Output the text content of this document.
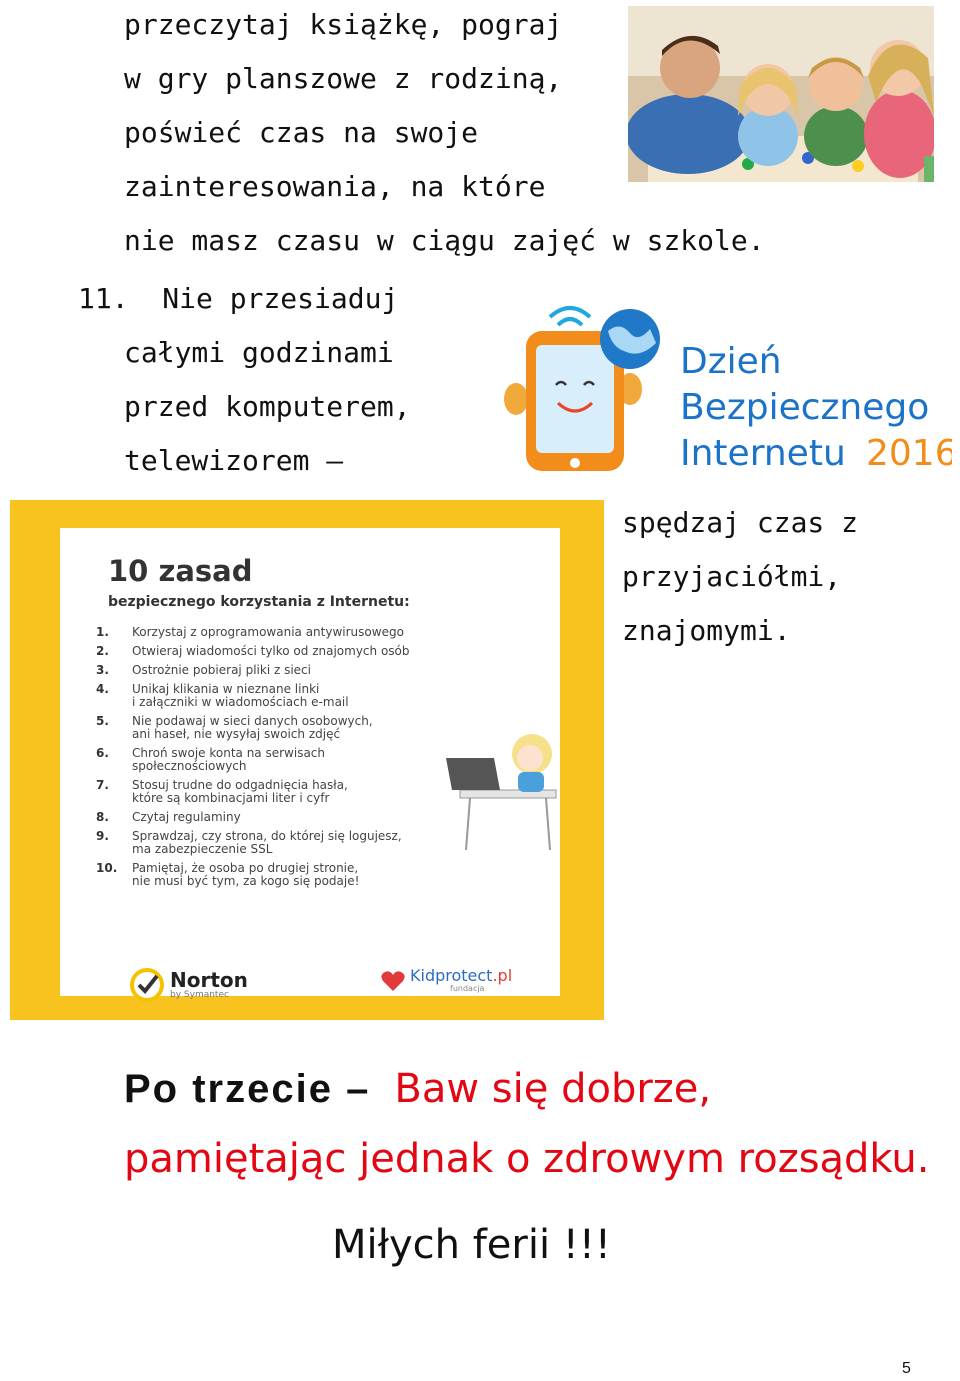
przeczytaj książkę, pograj
w gry planszowe z rodziną,
poświeć czas na swoje
zainteresowania, na które
nie masz czasu w ciągu zajęć w szkole.
11. Nie przesiaduj
całymi godzinami
przed komputerem,
telewizorem –
Dzień
Bezpiecznego
Internetu 2016
10 zasad
bezpiecznego korzystania z Internetu:
1.	Korzystaj z oprogramowania antywirusowego
2.	Otwieraj wiadomości tylko od znajomych osób
3.	Ostrożnie pobieraj pliki z sieci
4.	Unikaj klikania w nieznane linki
i załączniki w wiadomościach e-mail
5.	Nie podawaj w sieci danych osobowych,
ani haseł, nie wysyłaj swoich zdjęć
6.	Chroń swoje konta na serwisach
społecznościowych
7.	Stosuj trudne do odgadnięcia hasła,
które są kombinacjami liter i cyfr
8.	Czytaj regulaminy
9.	Sprawdzaj, czy strona, do której się logujesz,
ma zabezpieczenie SSL
10.	Pamiętaj, że osoba po drugiej stronie,
nie musi być tym, za kogo się podaje!
Norton
by Symantec
Kidprotect.pl
fundacja
spędzaj czas z
przyjaciółmi,
znajomymi.
Po trzecie – Baw się dobrze,
pamiętając jednak o zdrowym rozsądku.
Miłych ferii !!!
5
